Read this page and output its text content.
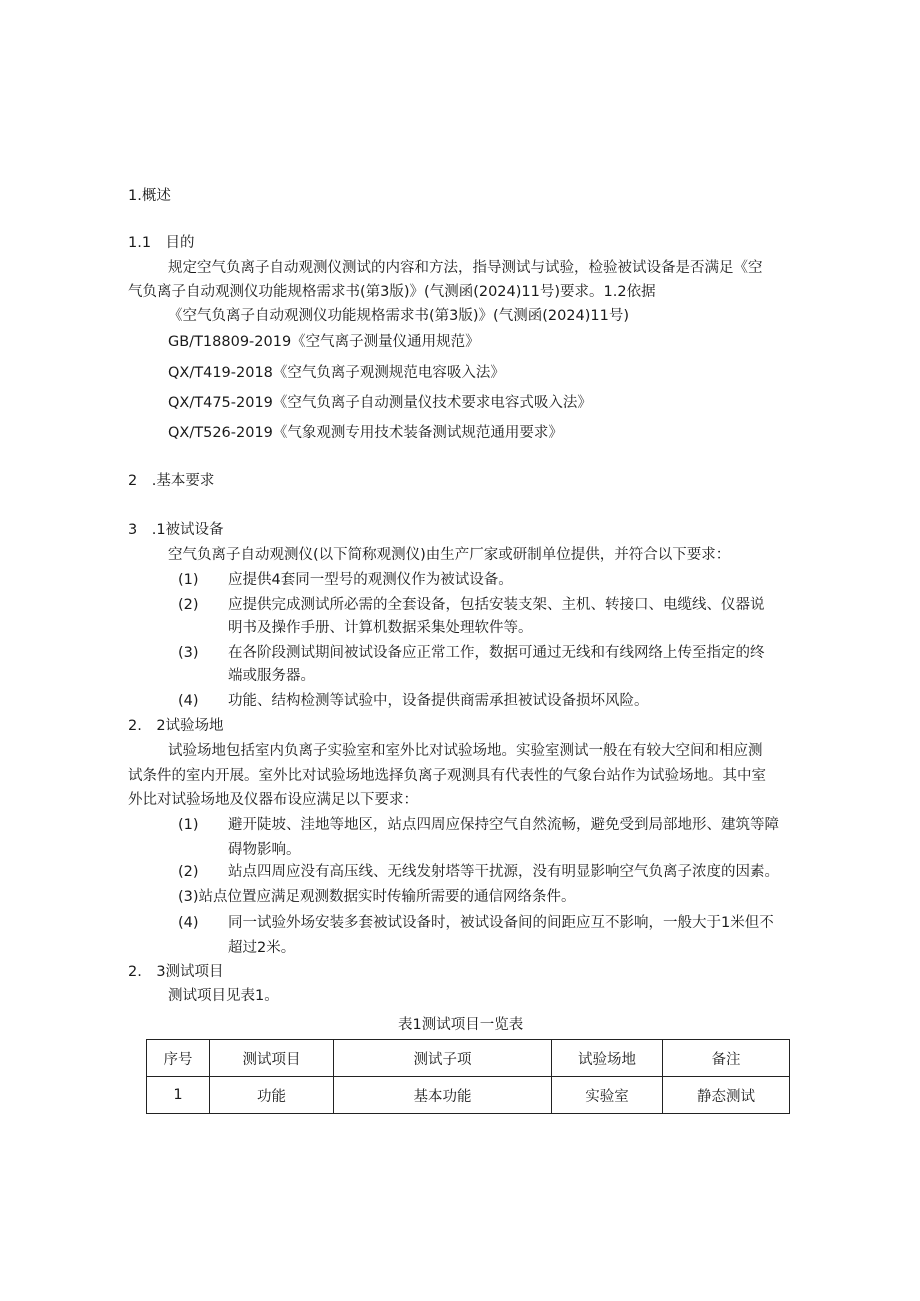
1.概述

1.1　目的

规定空气负离子自动观测仪测试的内容和方法，指导测试与试验，检验被试设备是否满足《空

气负离子自动观测仪功能规格需求书(第3版)》(气测函(2024)11号)要求。1.2依据

《空气负离子自动观测仪功能规格需求书(第3版)》(气测函(2024)11号)

GB/T18809-2019《空气离子测量仪通用规范》

QX/T419-2018《空气负离子观测规范电容吸入法》

QX/T475-2019《空气负离子自动测量仪技术要求电容式吸入法》

QX/T526-2019《气象观测专用技术装备测试规范通用要求》

2　.基本要求

3　.1被试设备

空气负离子自动观测仪(以下简称观测仪)由生产厂家或研制单位提供，并符合以下要求：

(1) 应提供4套同一型号的观测仪作为被试设备。

(2) 应提供完成测试所必需的全套设备，包括安装支架、主机、转接口、电缆线、仪器说

明书及操作手册、计算机数据采集处理软件等。

(3) 在各阶段测试期间被试设备应正常工作，数据可通过无线和有线网络上传至指定的终

端或服务器。

(4) 功能、结构检测等试验中，设备提供商需承担被试设备损坏风险。

2.　2试验场地

试验场地包括室内负离子实验室和室外比对试验场地。实验室测试一般在有较大空间和相应测

试条件的室内开展。室外比对试验场地选择负离子观测具有代表性的气象台站作为试验场地。其中室

外比对试验场地及仪器布设应满足以下要求：

(1) 避开陡坡、洼地等地区，站点四周应保持空气自然流畅，避免受到局部地形、建筑等障

碍物影响。

(2) 站点四周应没有高压线、无线发射塔等干扰源，没有明显影响空气负离子浓度的因素。

(3)站点位置应满足观测数据实时传输所需要的通信网络条件。

(4) 同一试验外场安装多套被试设备时，被试设备间的间距应互不影响，一般大于1米但不

超过2米。

2.　3测试项目

测试项目见表1。

表1测试项目一览表

序号	测试项目	测试子项	试验场地	备注
1	功能	基本功能	实验室	静态测试
